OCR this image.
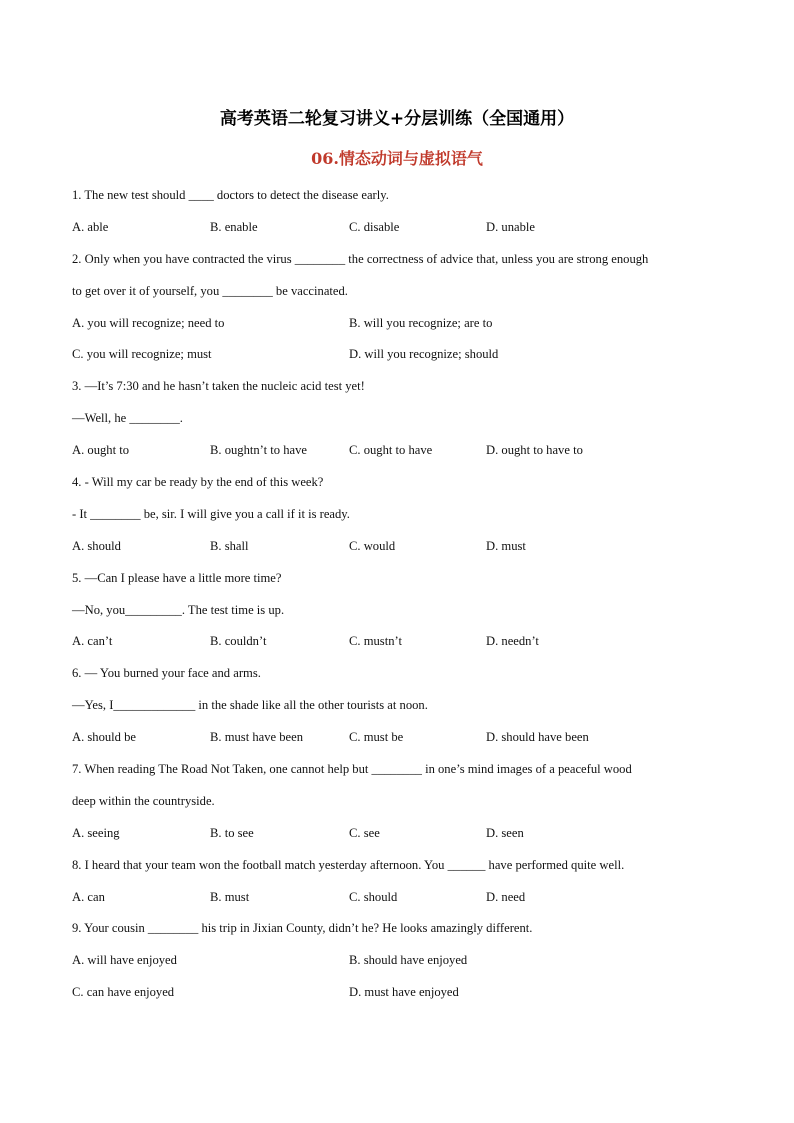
高考英语二轮复习讲义+分层训练（全国通用）
06.情态动词与虚拟语气
1. The new test should ____ doctors to detect the disease early.
A. able	B. enable	C. disable	D. unable
2. Only when you have contracted the virus ________ the correctness of advice that, unless you are strong enough
to get over it of yourself, you ________ be vaccinated.
A. you will recognize; need to	B. will you recognize; are to
C. you will recognize; must	D. will you recognize; should
3. —It’s 7:30 and he hasn’t taken the nucleic acid test yet!
—Well, he ________.
A. ought to	B. oughtn’t to have	C. ought to have	D. ought to have to
4. - Will my car be ready by the end of this week?
- It ________ be, sir. I will give you a call if it is ready.
A. should	B. shall	C. would	D. must
5. —Can I please have a little more time?
—No, you_________. The test time is up.
A. can’t	B. couldn’t	C. mustn’t	D. needn’t
6. — You burned your face and arms.
—Yes, I_____________ in the shade like all the other tourists at noon.
A. should be	B. must have been	C. must be	D. should have been
7. When reading The Road Not Taken, one cannot help but ________ in one’s mind images of a peaceful wood
deep within the countryside.
A. seeing	B. to see	C. see	D. seen
8. I heard that your team won the football match yesterday afternoon. You ______ have performed quite well.
A. can	B. must	C. should	D. need
9. Your cousin ________ his trip in Jixian County, didn’t he? He looks amazingly different.
A. will have enjoyed	B. should have enjoyed
C. can have enjoyed	D. must have enjoyed
